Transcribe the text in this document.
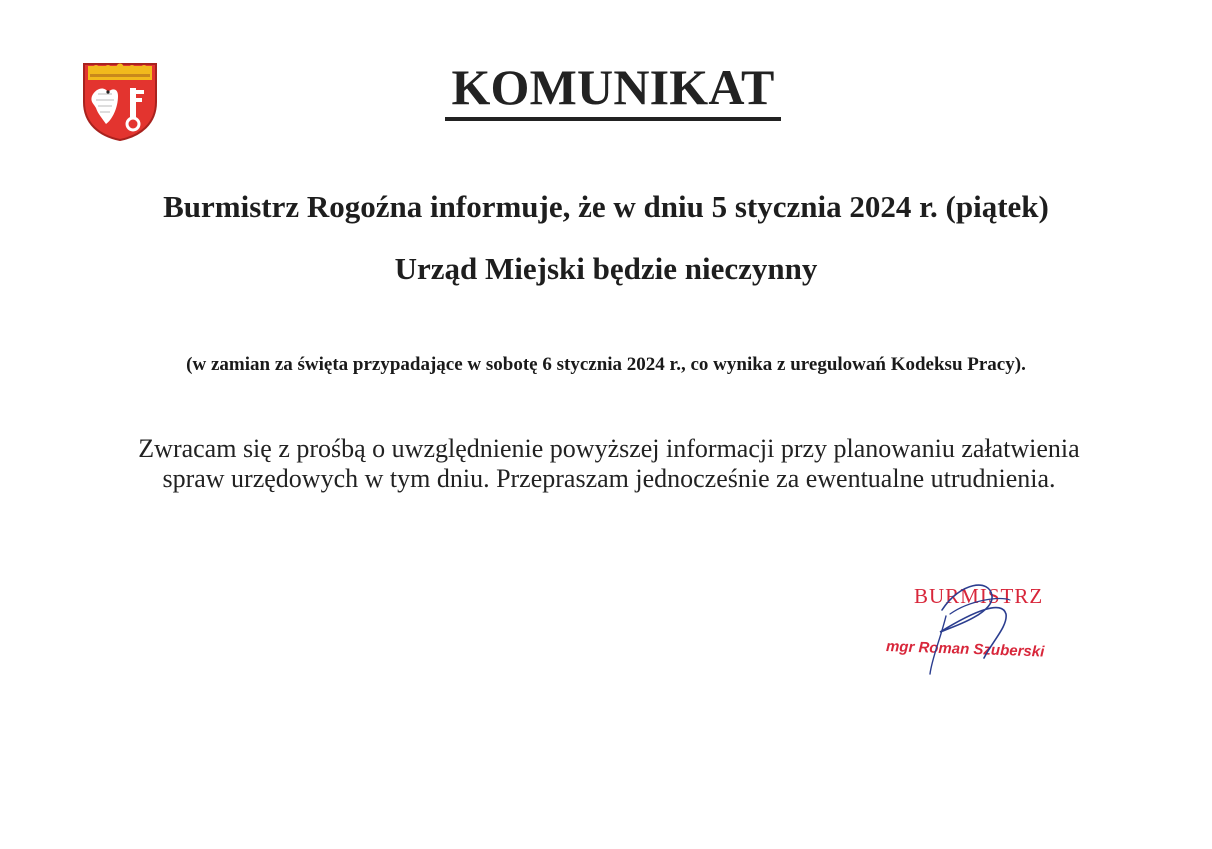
KOMUNIKAT
Burmistrz Rogoźna informuje, że w dniu 5 stycznia 2024 r. (piątek)
Urząd Miejski będzie nieczynny
(w zamian za święta przypadające w sobotę 6 stycznia 2024 r., co wynika z uregulowań Kodeksu Pracy).
Zwracam się z prośbą o uwzględnienie powyższej informacji przy planowaniu załatwienia
spraw urzędowych w tym dniu. Przepraszam jednocześnie za ewentualne utrudnienia.
BURMISTRZ
mgr Roman Szuberski
